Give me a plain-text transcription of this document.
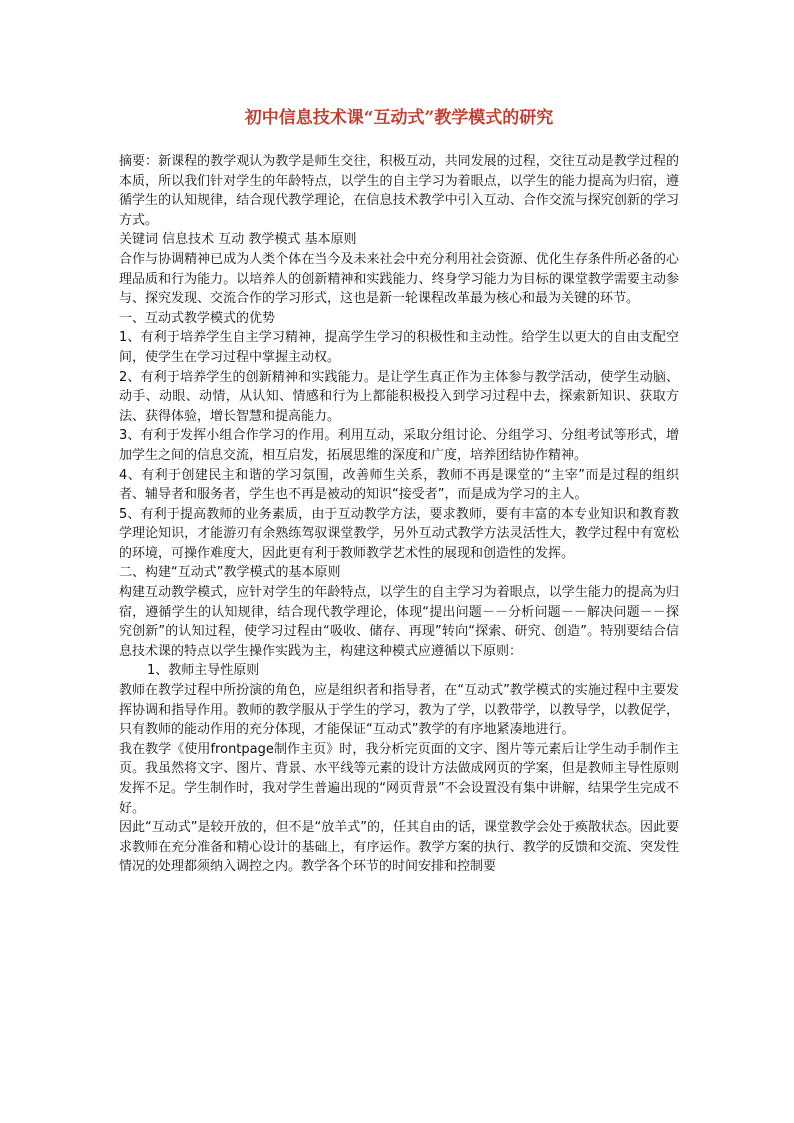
初中信息技术课“互动式”教学模式的研究

摘要：新课程的教学观认为教学是师生交往，积极互动，共同发展的过程，交往互动是教学过程的本质，所以我们针对学生的年龄特点，以学生的自主学习为着眼点，以学生的能力提高为归宿，遵循学生的认知规律，结合现代教学理论，在信息技术教学中引入互动、合作交流与探究创新的学习方式。

关键词 信息技术 互动 教学模式 基本原则

合作与协调精神已成为人类个体在当今及未来社会中充分利用社会资源、优化生存条件所必备的心理品质和行为能力。以培养人的创新精神和实践能力、终身学习能力为目标的课堂教学需要主动参与、探究发现、交流合作的学习形式，这也是新一轮课程改革最为核心和最为关键的环节。

一、互动式教学模式的优势

1、有利于培养学生自主学习精神，提高学生学习的积极性和主动性。给学生以更大的自由支配空间，使学生在学习过程中掌握主动权。

2、有利于培养学生的创新精神和实践能力。是让学生真正作为主体参与教学活动，使学生动脑、动手、动眼、动情，从认知、情感和行为上都能积极投入到学习过程中去，探索新知识、获取方法、获得体验，增长智慧和提高能力。

3、有利于发挥小组合作学习的作用。利用互动，采取分组讨论、分组学习、分组考试等形式，增加学生之间的信息交流，相互启发，拓展思维的深度和广度，培养团结协作精神。

4、有利于创建民主和谐的学习氛围，改善师生关系，教师不再是课堂的“主宰”而是过程的组织者、辅导者和服务者，学生也不再是被动的知识“接受者”，而是成为学习的主人。

5、有利于提高教师的业务素质，由于互动教学方法，要求教师，要有丰富的本专业知识和教育教学理论知识，才能游刃有余熟练驾驭课堂教学，另外互动式教学方法灵活性大，教学过程中有宽松的环境，可操作难度大，因此更有利于教师教学艺术性的展现和创造性的发挥。

二、构建“互动式”教学模式的基本原则

构建互动教学模式，应针对学生的年龄特点，以学生的自主学习为着眼点，以学生能力的提高为归宿，遵循学生的认知规律，结合现代教学理论，体现“提出问题－－分析问题－－解决问题－－探究创新”的认知过程，使学习过程由“吸收、储存、再现”转向“探索、研究、创造”。特别要结合信息技术课的特点以学生操作实践为主，构建这种模式应遵循以下原则：

1、教师主导性原则

教师在教学过程中所扮演的角色，应是组织者和指导者，在“互动式”教学模式的实施过程中主要发挥协调和指导作用。教师的教学服从于学生的学习，教为了学，以教带学，以教导学，以教促学，只有教师的能动作用的充分体现，才能保证“互动式”教学的有序地紧凑地进行。

我在教学《使用frontpage制作主页》时，我分析完页面的文字、图片等元素后让学生动手制作主页。我虽然将文字、图片、背景、水平线等元素的设计方法做成网页的学案，但是教师主导性原则发挥不足。学生制作时，我对学生普遍出现的“网页背景”不会设置没有集中讲解，结果学生完成不好。

因此“互动式”是较开放的，但不是“放羊式”的，任其自由的话，课堂教学会处于痪散状态。因此要求教师在充分准备和精心设计的基础上，有序运作。教学方案的执行、教学的反馈和交流、突发性情况的处理都须纳入调控之内。教学各个环节的时间安排和控制要
